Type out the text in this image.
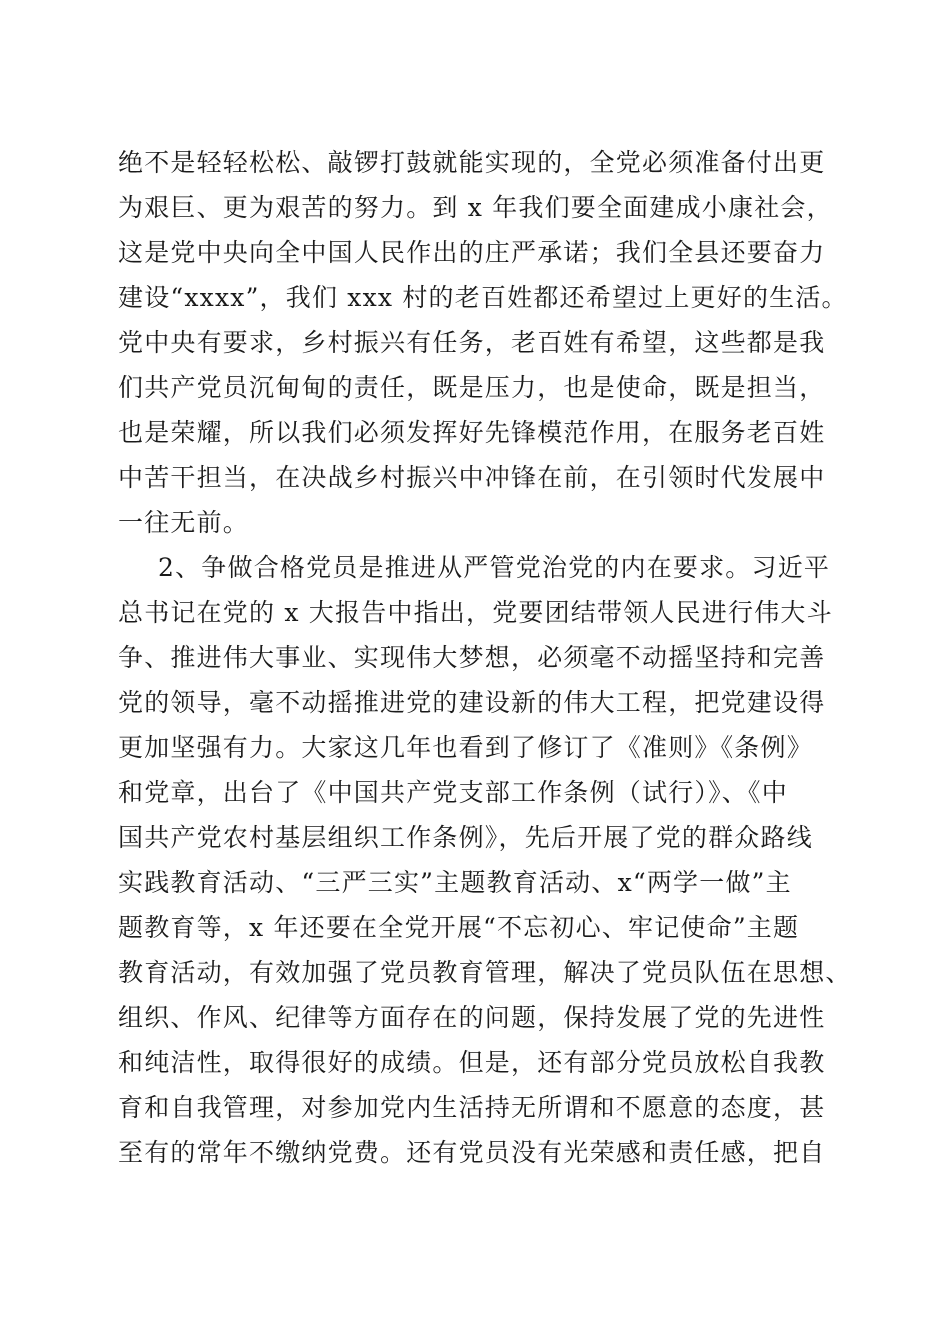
绝不是轻轻松松、敲锣打鼓就能实现的，全党必须准备付出更
为艰巨、更为艰苦的努力。到 x 年我们要全面建成小康社会，
这是党中央向全中国人民作出的庄严承诺；我们全县还要奋力
建设“xxxx”，我们 xxx 村的老百姓都还希望过上更好的生活。
党中央有要求，乡村振兴有任务，老百姓有希望，这些都是我
们共产党员沉甸甸的责任，既是压力，也是使命，既是担当，
也是荣耀，所以我们必须发挥好先锋模范作用，在服务老百姓
中苦干担当，在决战乡村振兴中冲锋在前，在引领时代发展中
一往无前。
2、争做合格党员是推进从严管党治党的内在要求。习近平
总书记在党的 x 大报告中指出，党要团结带领人民进行伟大斗
争、推进伟大事业、实现伟大梦想，必须毫不动摇坚持和完善
党的领导，毫不动摇推进党的建设新的伟大工程，把党建设得
更加坚强有力。大家这几年也看到了修订了《准则》《条例》
和党章，出台了《中国共产党支部工作条例（试行）》、《中
国共产党农村基层组织工作条例》，先后开展了党的群众路线
实践教育活动、“三严三实”主题教育活动、x“两学一做”主
题教育等，x 年还要在全党开展“不忘初心、牢记使命”主题
教育活动，有效加强了党员教育管理，解决了党员队伍在思想、
组织、作风、纪律等方面存在的问题，保持发展了党的先进性
和纯洁性，取得很好的成绩。但是，还有部分党员放松自我教
育和自我管理，对参加党内生活持无所谓和不愿意的态度，甚
至有的常年不缴纳党费。还有党员没有光荣感和责任感，把自
